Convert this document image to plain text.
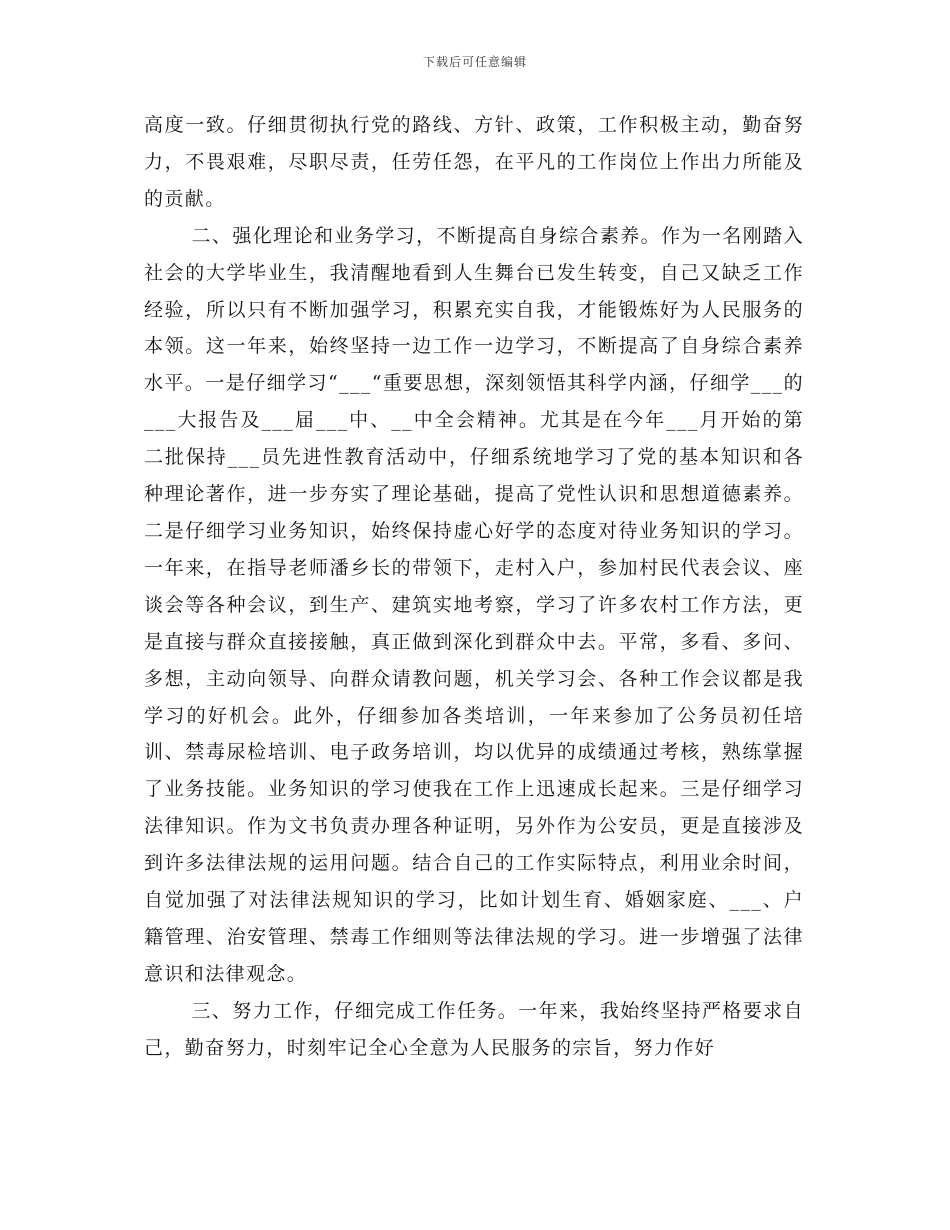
下载后可任意编辑

高度一致。仔细贯彻执行党的路线、方针、政策，工作积极主动，勤奋努力，不畏艰难，尽职尽责，任劳任怨，在平凡的工作岗位上作出力所能及的贡献。

二、强化理论和业务学习，不断提高自身综合素养。作为一名刚踏入社会的大学毕业生，我清醒地看到人生舞台已发生转变，自己又缺乏工作经验，所以只有不断加强学习，积累充实自我，才能锻炼好为人民服务的本领。这一年来，始终坚持一边工作一边学习，不断提高了自身综合素养水平。一是仔细学习“___“重要思想，深刻领悟其科学内涵，仔细学___的___大报告及___届___中、__中全会精神。尤其是在今年___月开始的第二批保持___员先进性教育活动中，仔细系统地学习了党的基本知识和各种理论著作，进一步夯实了理论基础，提高了党性认识和思想道德素养。二是仔细学习业务知识，始终保持虚心好学的态度对待业务知识的学习。一年来，在指导老师潘乡长的带领下，走村入户，参加村民代表会议、座谈会等各种会议，到生产、建筑实地考察，学习了许多农村工作方法，更是直接与群众直接接触，真正做到深化到群众中去。平常，多看、多问、多想，主动向领导、向群众请教问题，机关学习会、各种工作会议都是我学习的好机会。此外，仔细参加各类培训，一年来参加了公务员初任培训、禁毒尿检培训、电子政务培训，均以优异的成绩通过考核，熟练掌握了业务技能。业务知识的学习使我在工作上迅速成长起来。三是仔细学习法律知识。作为文书负责办理各种证明，另外作为公安员，更是直接涉及到许多法律法规的运用问题。结合自己的工作实际特点，利用业余时间，自觉加强了对法律法规知识的学习，比如计划生育、婚姻家庭、___、户籍管理、治安管理、禁毒工作细则等法律法规的学习。进一步增强了法律意识和法律观念。

三、努力工作，仔细完成工作任务。一年来，我始终坚持严格要求自己，勤奋努力，时刻牢记全心全意为人民服务的宗旨，努力作好
